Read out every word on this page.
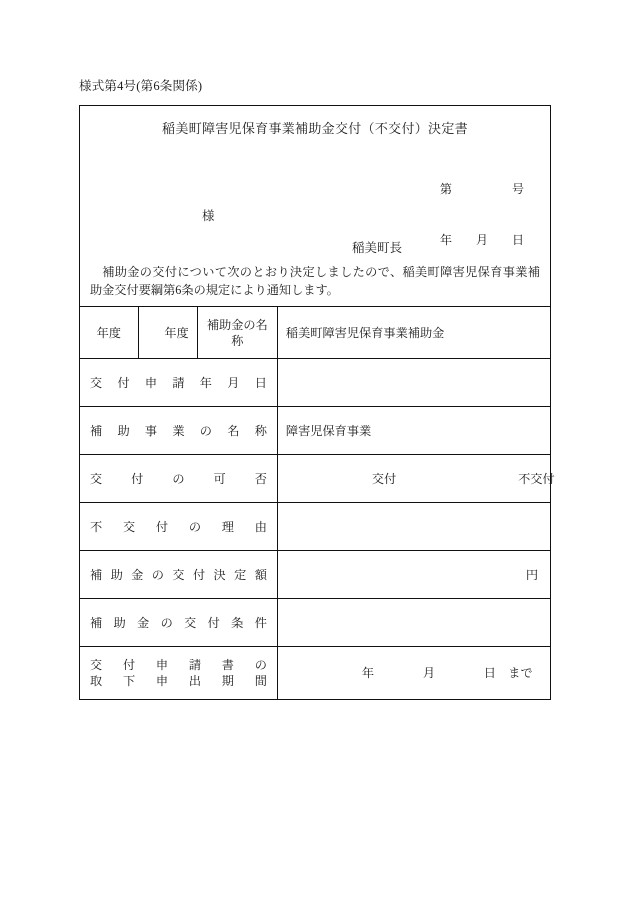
様式第4号(第6条関係)
稲美町障害児保育事業補助金交付（不交付）決定書

第　　　　　号

年　　月　　日

様
稲美町長
補助金の交付について次のとおり決定しましたので、稲美町障害児保育事業補助金交付要綱第6条の規定により通知します。
年度	年度	補助金の名称	稲美町障害児保育事業補助金

交付申請年月日			

補助事業の名称			障害児保育事業

交付の可否			交付　　　　　　　　　　不交付

不交付の理由			

補助金の交付決定額			円

補助金の交付条件			

交付申請書の
取下申出期間			年　　　　月　　　　日　まで
